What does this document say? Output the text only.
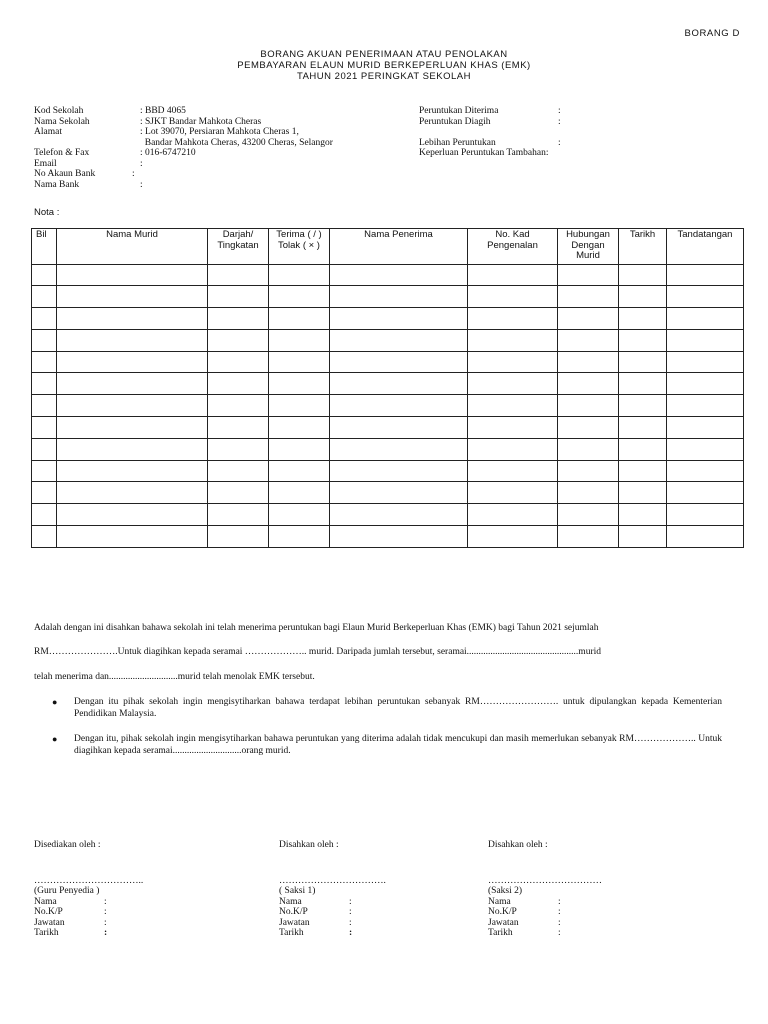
BORANG D
BORANG AKUAN PENERIMAAN ATAU PENOLAKAN
PEMBAYARAN ELAUN MURID BERKEPERLUAN KHAS (EMK)
TAHUN 2021 PERINGKAT SEKOLAH
Kod Sekolah	: BBD 4065
Nama Sekolah	: SJKT Bandar Mahkota Cheras
Alamat	: Lot 39070, Persiaran Mahkota Cheras 1,
Bandar Mahkota Cheras, 43200 Cheras, Selangor
Telefon & Fax	: 016-6747210
Email	:
No Akaun Bank	:
Nama Bank	:
Peruntukan Diterima	:
Peruntukan Diagih	:
Lebihan Peruntukan	:
Keperluan Peruntukan Tambahan:
Nota :
Bil	Nama Murid	Darjah/ Tingkatan	Terima ( / ) Tolak ( × )	Nama Penerima	No. Kad Pengenalan	Hubungan Dengan Murid	Tarikh	Tandatangan

Adalah dengan ini disahkan bahawa sekolah ini telah menerima peruntukan bagi Elaun Murid Berkeperluan Khas (EMK) bagi Tahun 2021 sejumlah
RM………………….Untuk diagihkan kepada seramai ……………….. murid. Daripada jumlah tersebut, seramai...............................................murid
telah menerima dan.............................murid telah menolak EMK tersebut.
● Dengan itu pihak sekolah ingin mengisytiharkan bahawa terdapat lebihan peruntukan sebanyak RM……………………. untuk dipulangkan kepada Kementerian Pendidikan Malaysia.
● Dengan itu, pihak sekolah ingin mengisytiharkan bahawa peruntukan yang diterima adalah tidak mencukupi dan masih memerlukan sebanyak RM……………….. Untuk diagihkan kepada seramai.............................orang murid.
Disediakan oleh :
……………………………..
(Guru Penyedia )
Nama	:
No.K/P	:
Jawatan	:
Tarikh	:
Disahkan oleh :
…………………………….
( Saksi 1)
Nama	:
No.K/P	:
Jawatan	:
Tarikh	:
Disahkan oleh :
………………………………
(Saksi 2)
Nama	:
No.K/P	:
Jawatan	:
Tarikh	:
